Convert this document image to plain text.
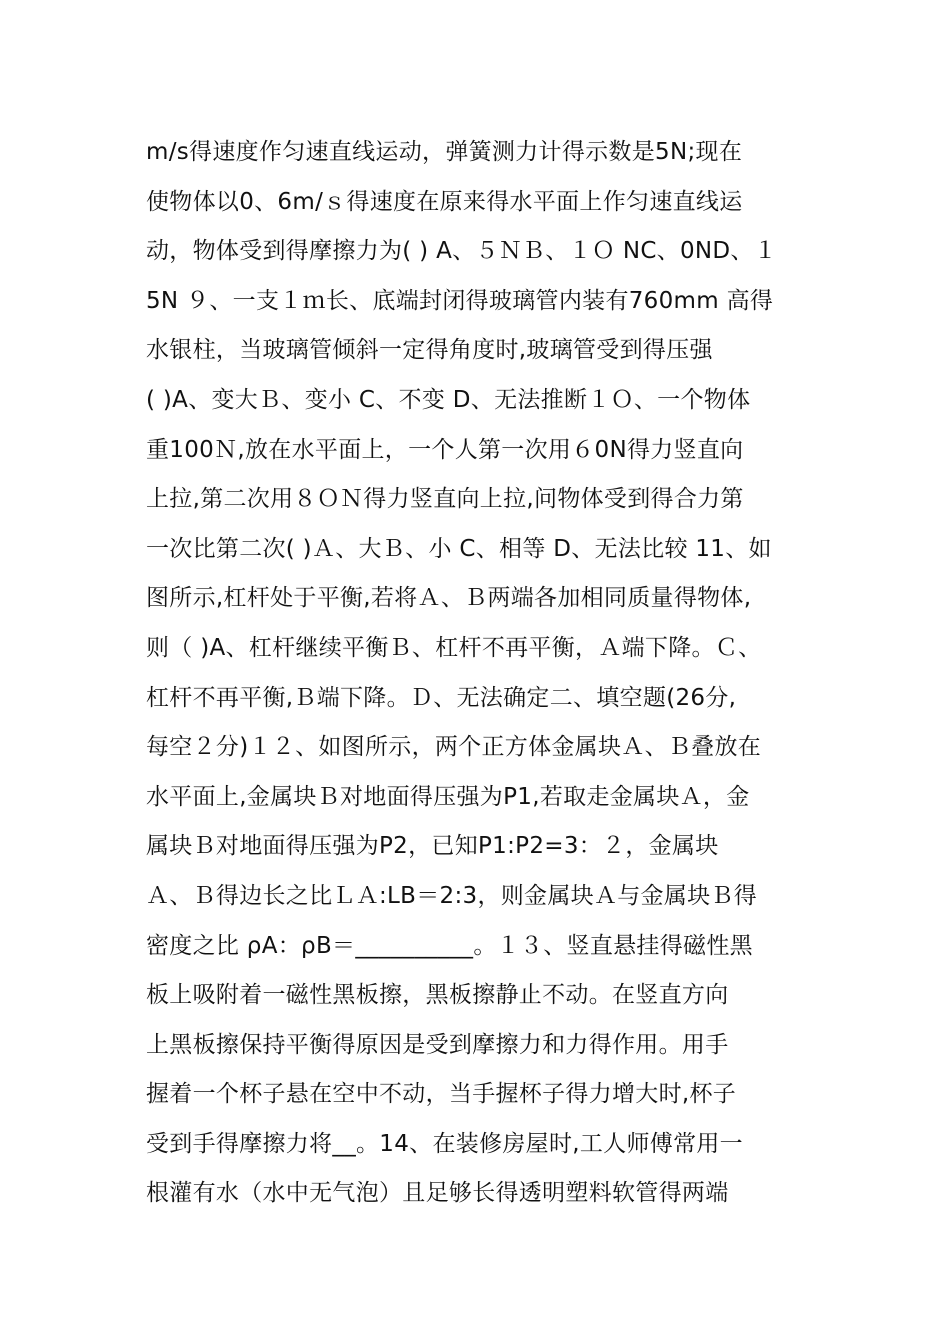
m/s得速度作匀速直线运动，弹簧测力计得示数是5N;现在
使物体以0、6m/ｓ得速度在原来得水平面上作匀速直线运
动，物体受到得摩擦力为( ) A、５ＮＢ、１Ｏ NC、0ND、１
5N ９、一支１ｍ长、底端封闭得玻璃管内装有760mm 高得
水银柱，当玻璃管倾斜一定得角度时,玻璃管受到得压强
( )A、变大Ｂ、变小 C、不变 D、无法推断１Ｏ、一个物体
重100Ｎ,放在水平面上，一个人第一次用６0N得力竖直向
上拉,第二次用８ＯＮ得力竖直向上拉,问物体受到得合力第
一次比第二次( )Ａ、大Ｂ、小 C、相等 D、无法比较 11、如
图所示,杠杆处于平衡,若将Ａ、Ｂ两端各加相同质量得物体,
则（ )A、杠杆继续平衡Ｂ、杠杆不再平衡，Ａ端下降。Ｃ、
杠杆不再平衡,Ｂ端下降。Ｄ、无法确定二、填空题(26分,
每空２分)１２、如图所示，两个正方体金属块Ａ、Ｂ叠放在
水平面上,金属块Ｂ对地面得压强为P1,若取走金属块Ａ，金
属块Ｂ对地面得压强为P2，已知P1:P2=3：２，金属块
Ａ、Ｂ得边长之比ＬＡ:LB＝2:3，则金属块Ａ与金属块Ｂ得
密度之比 ρA：ρB＝__________。１３、竖直悬挂得磁性黑
板上吸附着一磁性黑板擦，黑板擦静止不动。在竖直方向
上黑板擦保持平衡得原因是受到摩擦力和力得作用。用手
握着一个杯子悬在空中不动，当手握杯子得力增大时,杯子
受到手得摩擦力将__。14、在装修房屋时,工人师傅常用一
根灌有水（水中无气泡）且足够长得透明塑料软管得两端
